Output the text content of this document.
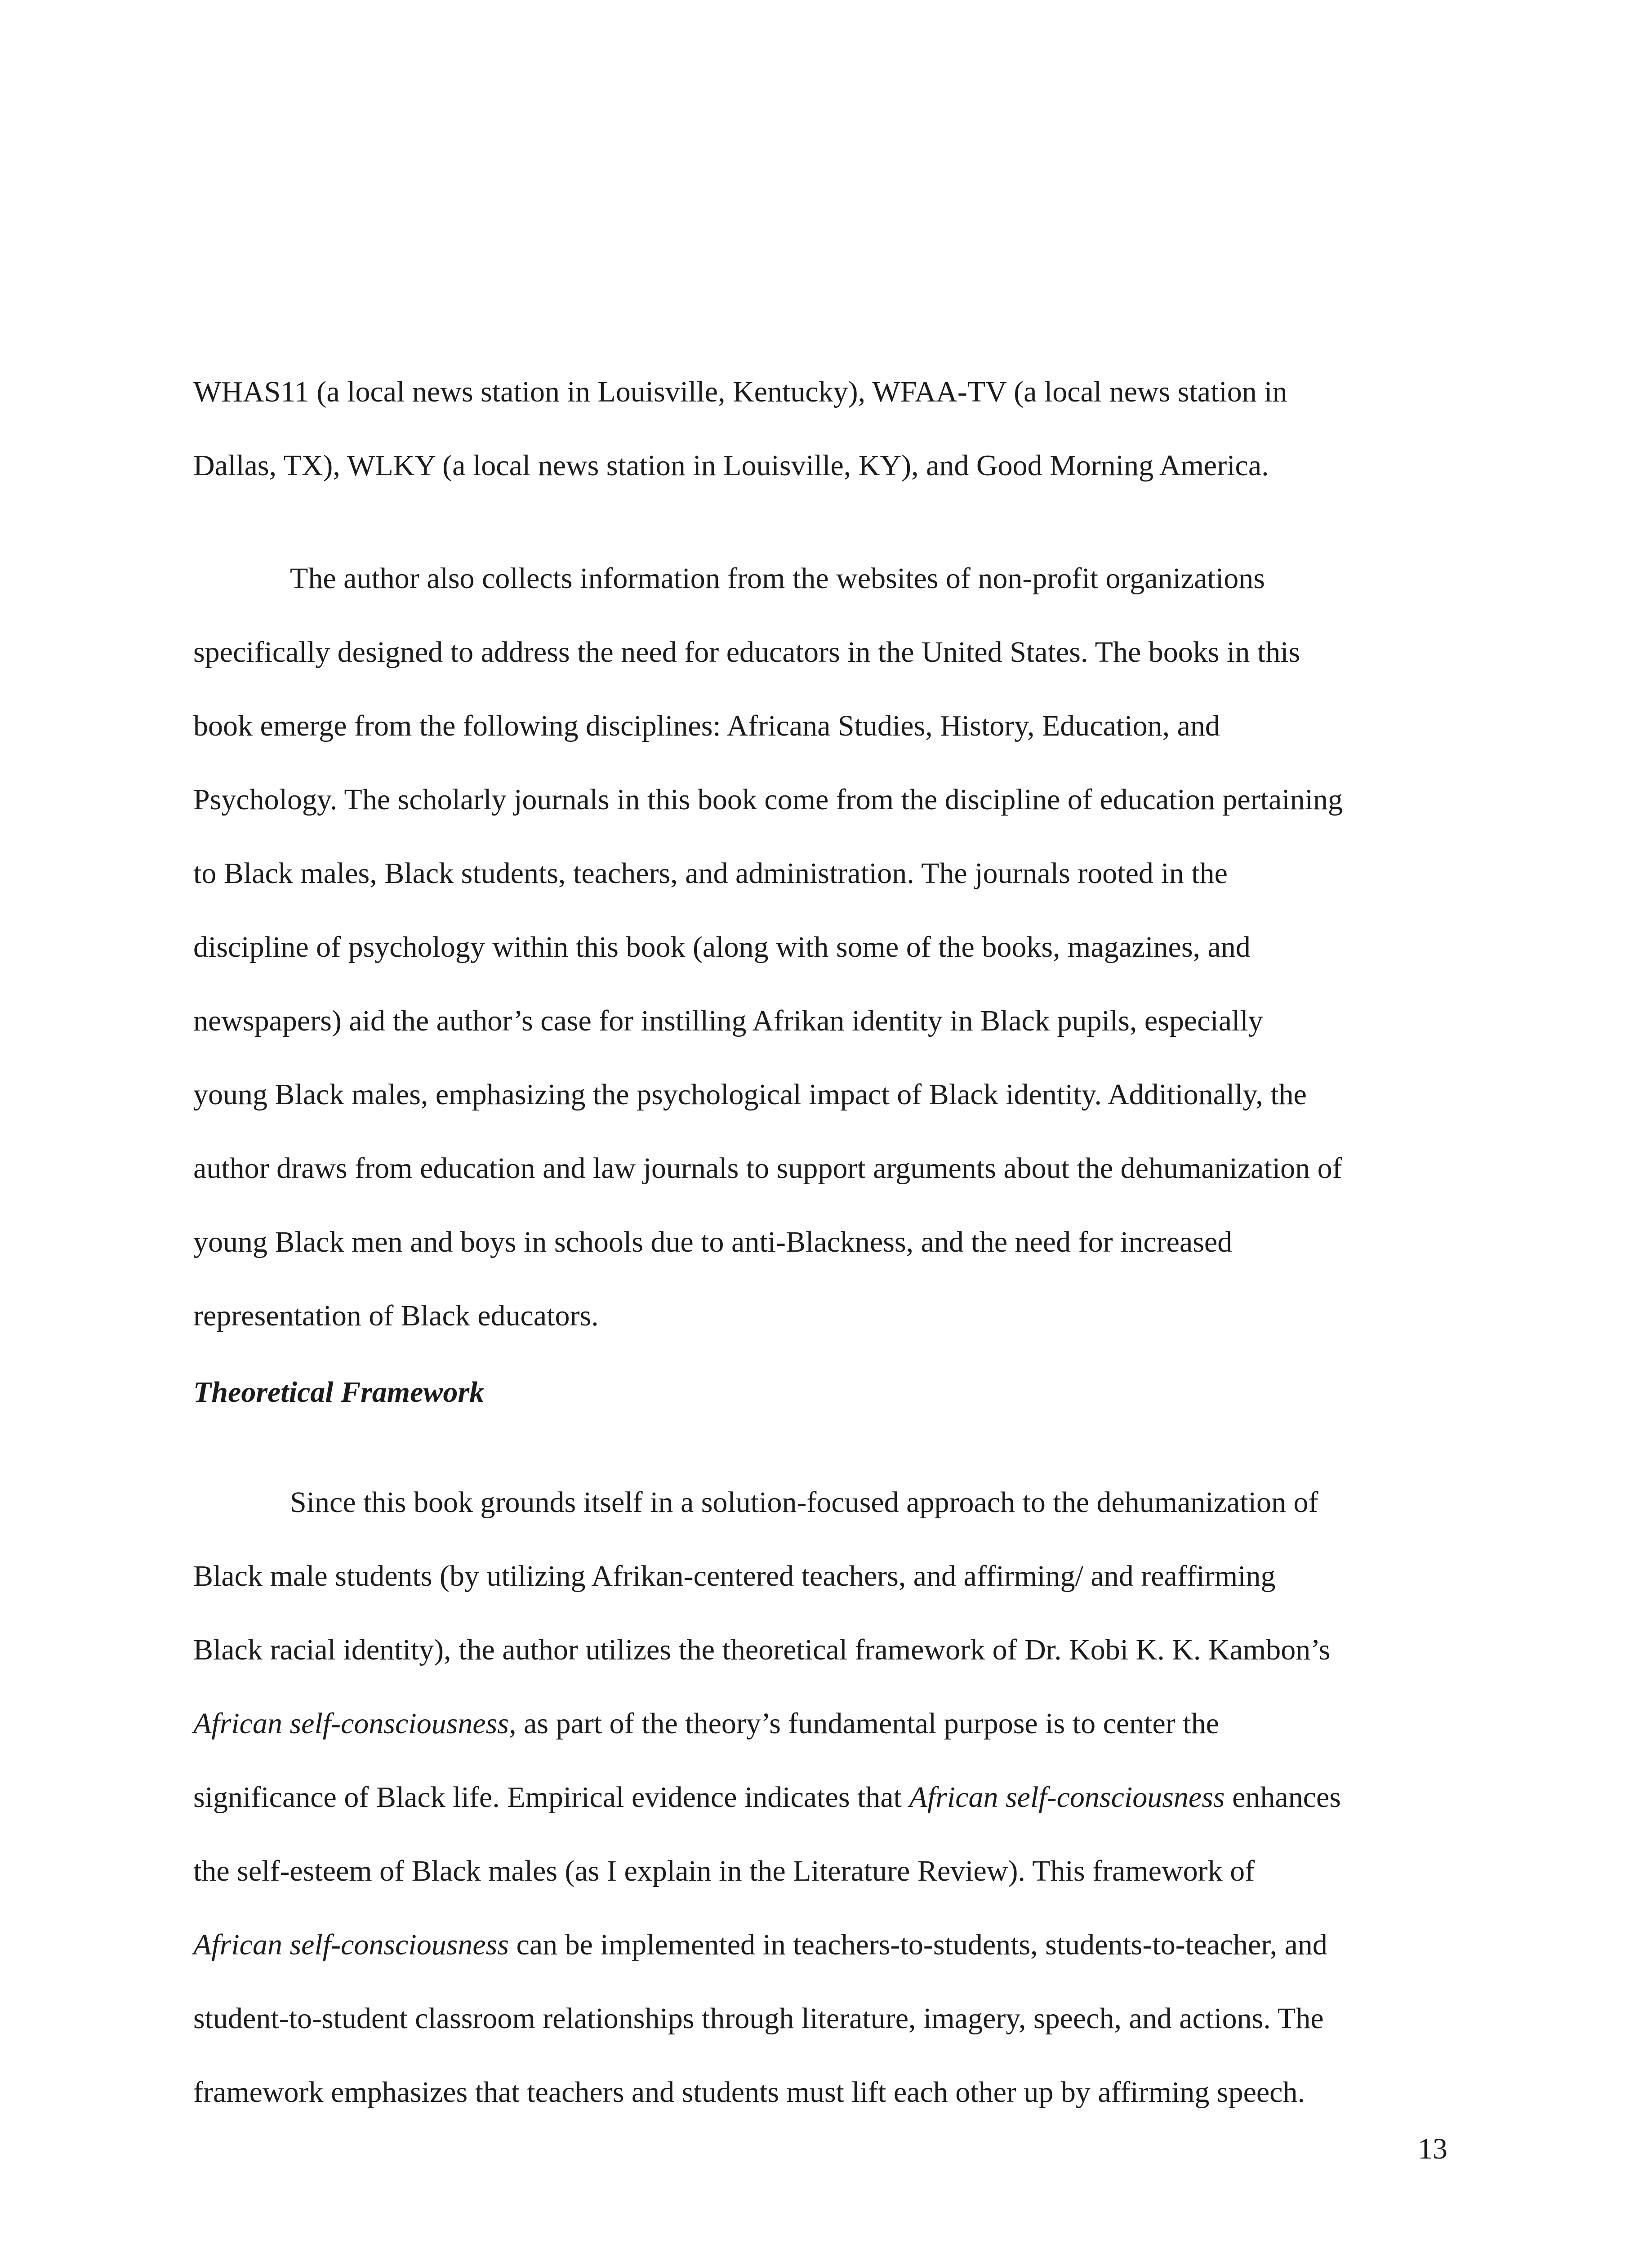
WHAS11 (a local news station in Louisville, Kentucky), WFAA-TV (a local news station in
Dallas, TX), WLKY (a local news station in Louisville, KY), and Good Morning America.
The author also collects information from the websites of non-profit organizations
specifically designed to address the need for educators in the United States. The books in this
book emerge from the following disciplines: Africana Studies, History, Education, and
Psychology. The scholarly journals in this book come from the discipline of education pertaining
to Black males, Black students, teachers, and administration. The journals rooted in the
discipline of psychology within this book (along with some of the books, magazines, and
newspapers) aid the author’s case for instilling Afrikan identity in Black pupils, especially
young Black males, emphasizing the psychological impact of Black identity. Additionally, the
author draws from education and law journals to support arguments about the dehumanization of
young Black men and boys in schools due to anti-Blackness, and the need for increased
representation of Black educators.
Theoretical Framework
Since this book grounds itself in a solution-focused approach to the dehumanization of
Black male students (by utilizing Afrikan-centered teachers, and affirming/ and reaffirming
Black racial identity), the author utilizes the theoretical framework of Dr. Kobi K. K. Kambon’s
African self-consciousness, as part of the theory’s fundamental purpose is to center the
significance of Black life. Empirical evidence indicates that African self-consciousness enhances
the self-esteem of Black males (as I explain in the Literature Review). This framework of
African self-consciousness can be implemented in teachers-to-students, students-to-teacher, and
student-to-student classroom relationships through literature, imagery, speech, and actions. The
framework emphasizes that teachers and students must lift each other up by affirming speech.
13
